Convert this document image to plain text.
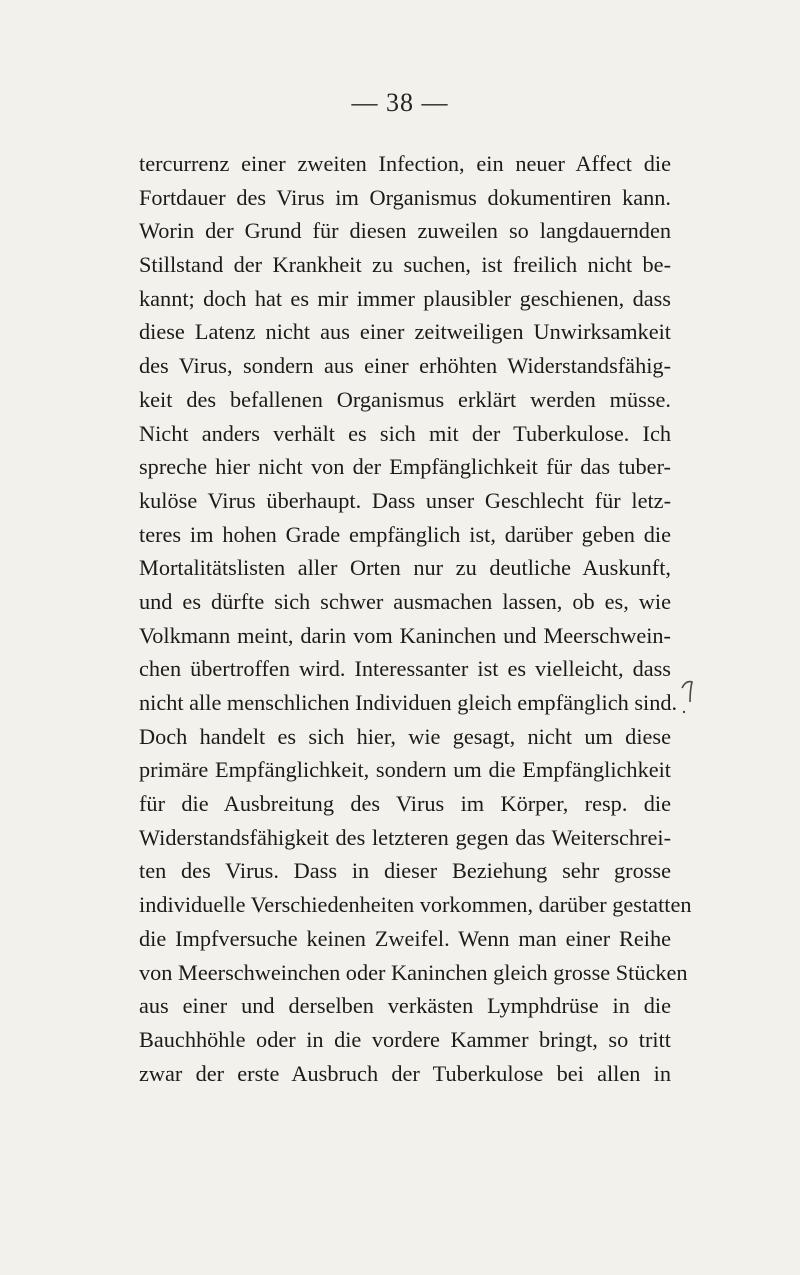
— 38 —
tercurrenz einer zweiten Infection, ein neuer Affect die
Fortdauer des Virus im Organismus dokumentiren kann.
Worin der Grund für diesen zuweilen so langdauernden
Stillstand der Krankheit zu suchen, ist freilich nicht be-
kannt; doch hat es mir immer plausibler geschienen, dass
diese Latenz nicht aus einer zeitweiligen Unwirksamkeit
des Virus, sondern aus einer erhöhten Widerstandsfähig-
keit des befallenen Organismus erklärt werden müsse.
Nicht anders verhält es sich mit der Tuberkulose. Ich
spreche hier nicht von der Empfänglichkeit für das tuber-
kulöse Virus überhaupt. Dass unser Geschlecht für letz-
teres im hohen Grade empfänglich ist, darüber geben die
Mortalitätslisten aller Orten nur zu deutliche Auskunft,
und es dürfte sich schwer ausmachen lassen, ob es, wie
Volkmann meint, darin vom Kaninchen und Meerschwein-
chen übertroffen wird. Interessanter ist es vielleicht, dass
nicht alle menschlichen Individuen gleich empfänglich sind.
Doch handelt es sich hier, wie gesagt, nicht um diese
primäre Empfänglichkeit, sondern um die Empfänglichkeit
für die Ausbreitung des Virus im Körper, resp. die
Widerstandsfähigkeit des letzteren gegen das Weiterschrei-
ten des Virus. Dass in dieser Beziehung sehr grosse
individuelle Verschiedenheiten vorkommen, darüber gestatten
die Impfversuche keinen Zweifel. Wenn man einer Reihe
von Meerschweinchen oder Kaninchen gleich grosse Stücken
aus einer und derselben verkästen Lymphdrüse in die
Bauchhöhle oder in die vordere Kammer bringt, so tritt
zwar der erste Ausbruch der Tuberkulose bei allen in
